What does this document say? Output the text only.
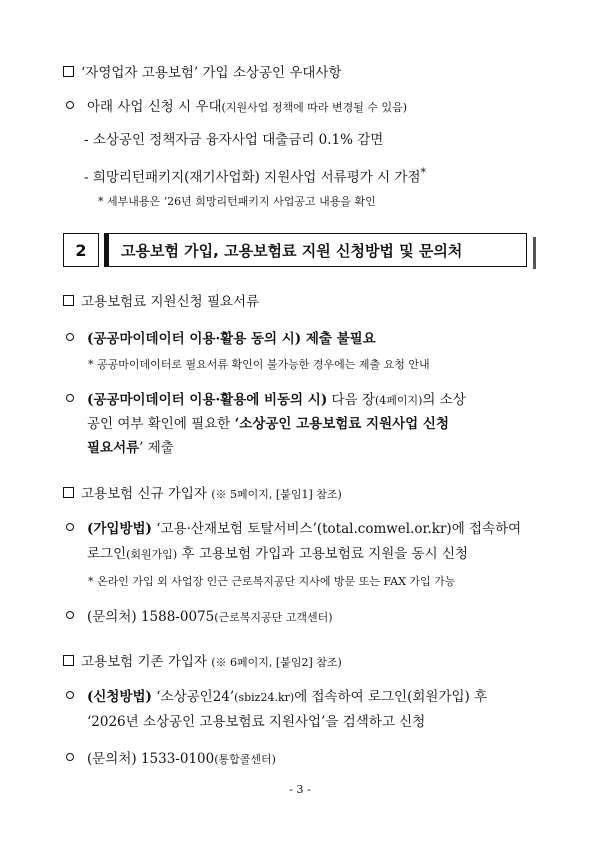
‘자영업자 고용보험’ 가입 소상공인 우대사항
아래 사업 신청 시 우대(지원사업 정책에 따라 변경될 수 있음)
- 소상공인 정책자금 융자사업 대출금리 0.1% 감면
- 희망리턴패키지(재기사업화) 지원사업 서류평가 시 가점*
* 세부내용은 ‘26년 희망리턴패키지 사업공고 내용을 확인
2	고용보험 가입, 고용보험료 지원 신청방법 및 문의처
고용보험료 지원신청 필요서류
(공공마이데이터 이용·활용 동의 시) 제출 불필요
* 공공마이데이터로 필요서류 확인이 불가능한 경우에는 제출 요청 안내
(공공마이데이터 이용·활용에 비동의 시) 다음 장(4페이지)의 소상
공인 여부 확인에 필요한 ‘소상공인 고용보험료 지원사업 신청
필요서류’ 제출
고용보험 신규 가입자 (※ 5페이지, [붙임1] 참조)
(가입방법) ‘고용·산재보험 토탈서비스’(total.comwel.or.kr)에 접속하여
로그인(회원가입) 후 고용보험 가입과 고용보험료 지원을 동시 신청
* 온라인 가입 외 사업장 인근 근로복지공단 지사에 방문 또는 FAX 가입 가능
(문의처) 1588-0075(근로복지공단 고객센터)
고용보험 기존 가입자 (※ 6페이지, [붙임2] 참조)
(신청방법) ‘소상공인24’(sbiz24.kr)에 접속하여 로그인(회원가입) 후
‘2026년 소상공인 고용보험료 지원사업’을 검색하고 신청
(문의처) 1533-0100(통합콜센터)
- 3 -
